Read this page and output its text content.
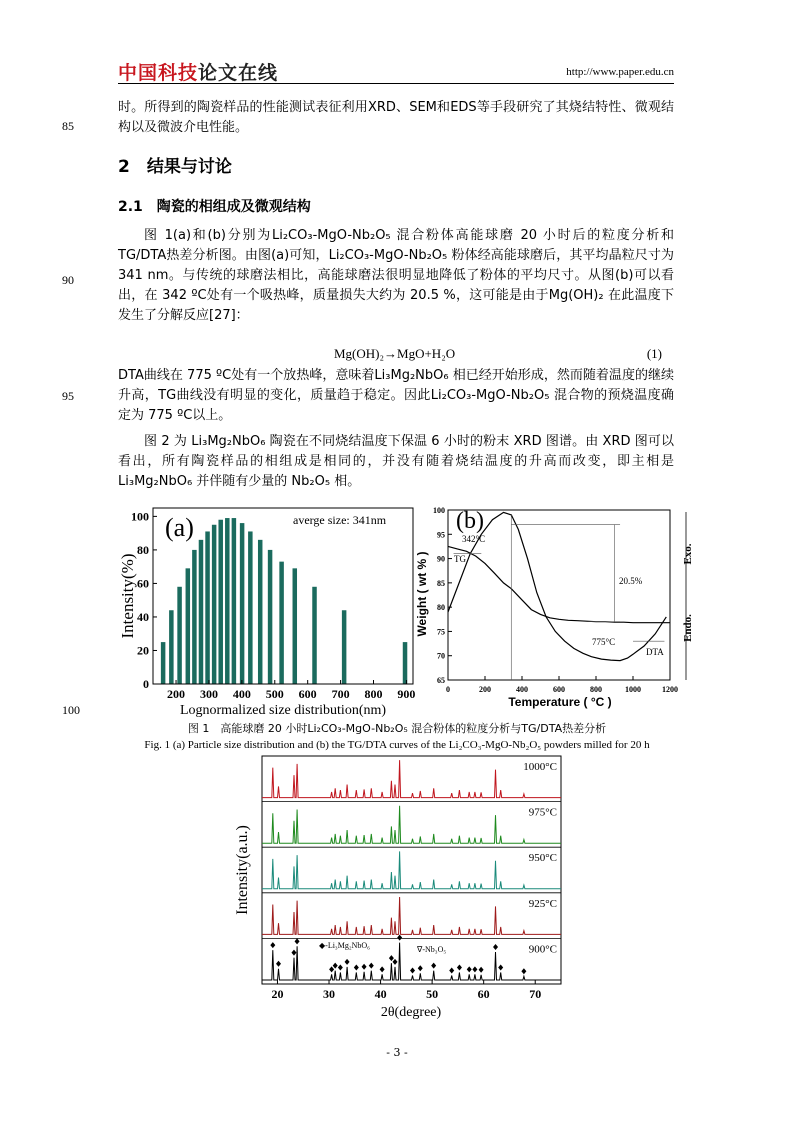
中国科技论文在线	http://www.paper.edu.cn
85
90
95
100

时。所得到的陶瓷样品的性能测试表征利用XRD、SEM和EDS等手段研究了其烧结特性、微观结构以及微波介电性能。

2　结果与讨论
2.1　陶瓷的相组成及微观结构

图 1(a)和(b)分别为Li₂CO₃-MgO-Nb₂O₅ 混合粉体高能球磨 20 小时后的粒度分析和TG/DTA热差分析图。由图(a)可知，Li₂CO₃-MgO-Nb₂O₅ 粉体经高能球磨后，其平均晶粒尺寸为 341 nm。与传统的球磨法相比，高能球磨法很明显地降低了粉体的平均尺寸。从图(b)可以看出，在 342 ºC处有一个吸热峰，质量损失大约为 20.5 %，这可能是由于Mg(OH)₂ 在此温度下发生了分解反应[27]：

Mg(OH)₂→MgO+H₂O	(1)

DTA曲线在 775 ºC处有一个放热峰，意味着Li₃Mg₂NbO₆ 相已经开始形成，然而随着温度的继续升高，TG曲线没有明显的变化，质量趋于稳定。因此Li₂CO₃-MgO-Nb₂O₅ 混合物的预烧温度确定为 775 ºC以上。

图 2 为 Li₃Mg₂NbO₆ 陶瓷在不同烧结温度下保温 6 小时的粉末 XRD 图谱。由 XRD 图可以看出，所有陶瓷样品的相组成是相同的，并没有随着烧结温度的升高而改变，即主相是Li₃Mg₂NbO₆ 并伴随有少量的 Nb₂O₅ 相。

200 300 400 500 600 700 800 900
0
20
40
60
80
100 (a)	averge size: 341nm
Lognormalized size distribution(nm)
Intensity(%)
0	200	400	600	800	1000	1200
65
70
75
80
85
90
95
100 (b)
TG
DTA
342°C
775°C
20.5%
Temperature ( °C )
Weight ( wt % )	Exo.
Endo.
图 1　高能球磨 20 小时Li₂CO₃-MgO-Nb₂O₅ 混合粉体的粒度分析与TG/DTA热差分析
Fig. 1 (a) Particle size distribution and (b) the TG/DTA curves of the Li₂CO₃-MgO-Nb₂O₅ powders milled for 20 h
1000°C
975°C
950°C
925°C
900°C
20	30	40	50	60	70
◆-Li₃Mg₂NbO₆	∇-Nb₃O₅
2θ(degree)
Intensity(a.u.)
- 3 -
